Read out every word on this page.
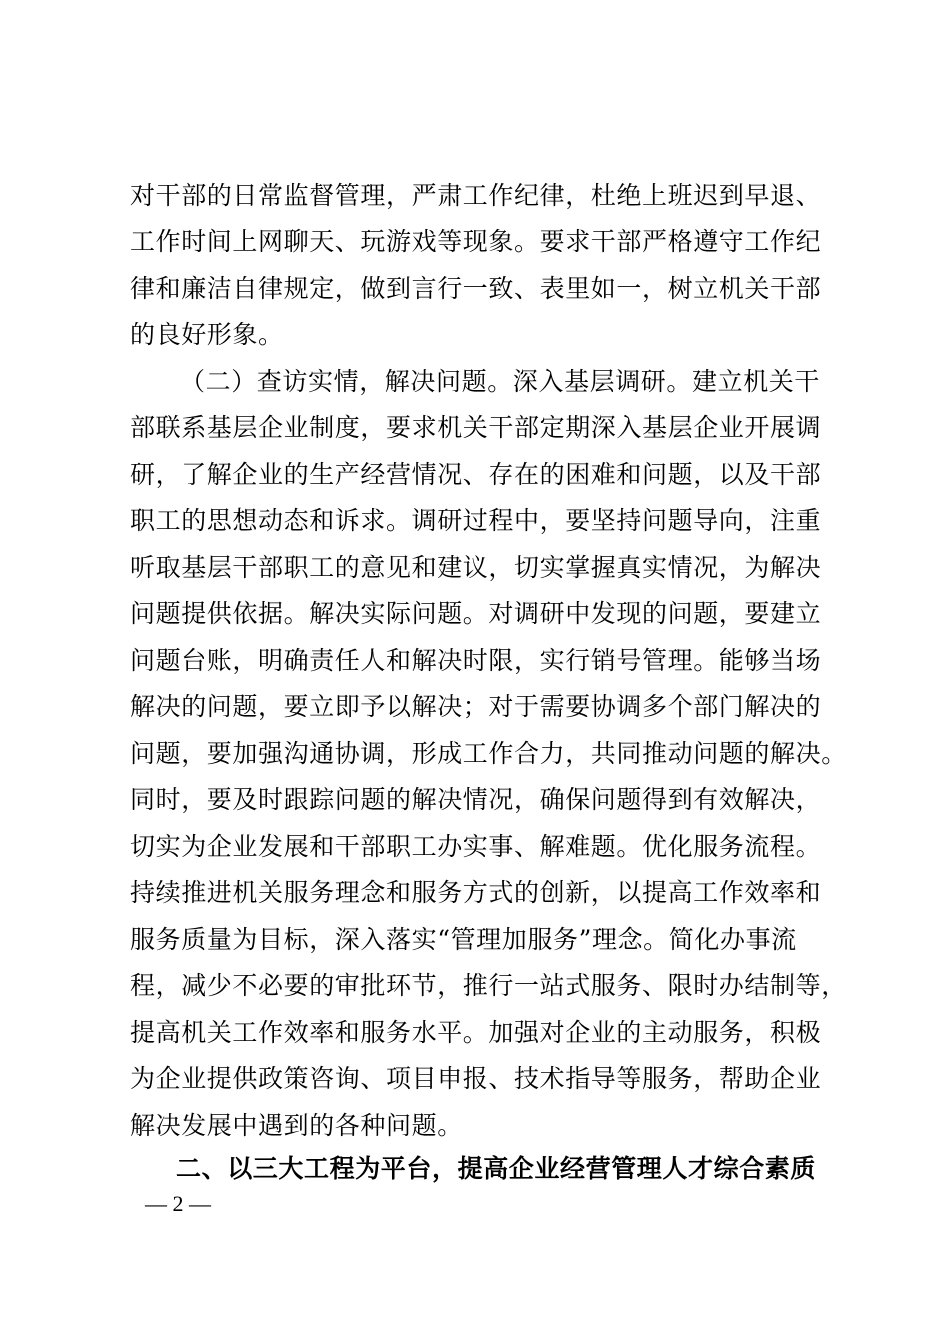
对干部的日常监督管理，严肃工作纪律，杜绝上班迟到早退、
工作时间上网聊天、玩游戏等现象。要求干部严格遵守工作纪
律和廉洁自律规定，做到言行一致、表里如一，树立机关干部
的良好形象。
（二）查访实情，解决问题。深入基层调研。建立机关干
部联系基层企业制度，要求机关干部定期深入基层企业开展调
研，了解企业的生产经营情况、存在的困难和问题，以及干部
职工的思想动态和诉求。调研过程中，要坚持问题导向，注重
听取基层干部职工的意见和建议，切实掌握真实情况，为解决
问题提供依据。解决实际问题。对调研中发现的问题，要建立
问题台账，明确责任人和解决时限，实行销号管理。能够当场
解决的问题，要立即予以解决；对于需要协调多个部门解决的
问题，要加强沟通协调，形成工作合力，共同推动问题的解决。
同时，要及时跟踪问题的解决情况，确保问题得到有效解决，
切实为企业发展和干部职工办实事、解难题。优化服务流程。
持续推进机关服务理念和服务方式的创新，以提高工作效率和
服务质量为目标，深入落实“管理加服务”理念。简化办事流
程，减少不必要的审批环节，推行一站式服务、限时办结制等，
提高机关工作效率和服务水平。加强对企业的主动服务，积极
为企业提供政策咨询、项目申报、技术指导等服务，帮助企业
解决发展中遇到的各种问题。
二、以三大工程为平台，提高企业经营管理人才综合素质
— 2 —
